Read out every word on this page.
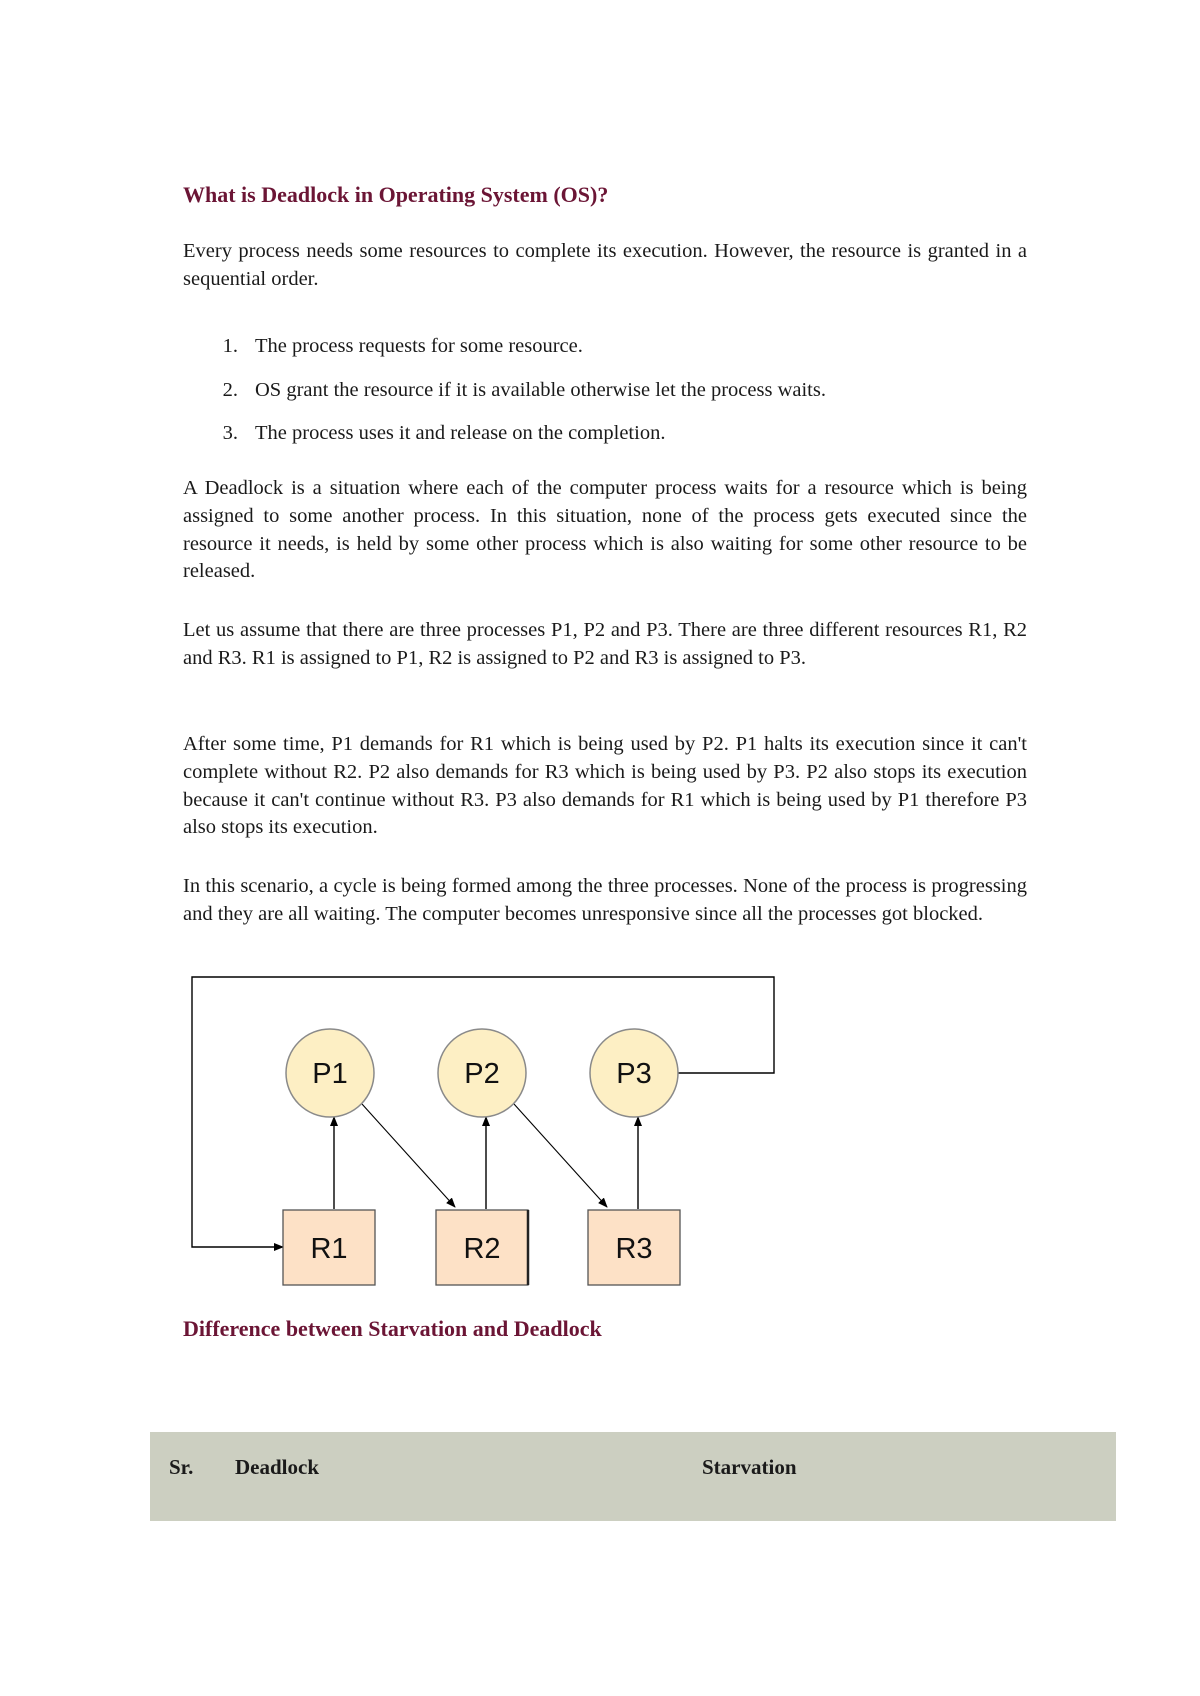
What is Deadlock in Operating System (OS)?

Every process needs some resources to complete its execution. However, the resource is granted in a sequential order.

1. The process requests for some resource.
2. OS grant the resource if it is available otherwise let the process waits.
3. The process uses it and release on the completion.

A Deadlock is a situation where each of the computer process waits for a resource which is being assigned to some another process. In this situation, none of the process gets executed since the resource it needs, is held by some other process which is also waiting for some other resource to be released.

Let us assume that there are three processes P1, P2 and P3. There are three different resources R1, R2 and R3. R1 is assigned to P1, R2 is assigned to P2 and R3 is assigned to P3.

After some time, P1 demands for R1 which is being used by P2. P1 halts its execution since it can't complete without R2. P2 also demands for R3 which is being used by P3. P2 also stops its execution because it can't continue without R3. P3 also demands for R1 which is being used by P1 therefore P3 also stops its execution.

In this scenario, a cycle is being formed among the three processes. None of the process is progressing and they are all waiting. The computer becomes unresponsive since all the processes got blocked.

P1	P2	P3
R1	R2	R3
Difference between Starvation and Deadlock
Sr. Deadlock	Starvation
